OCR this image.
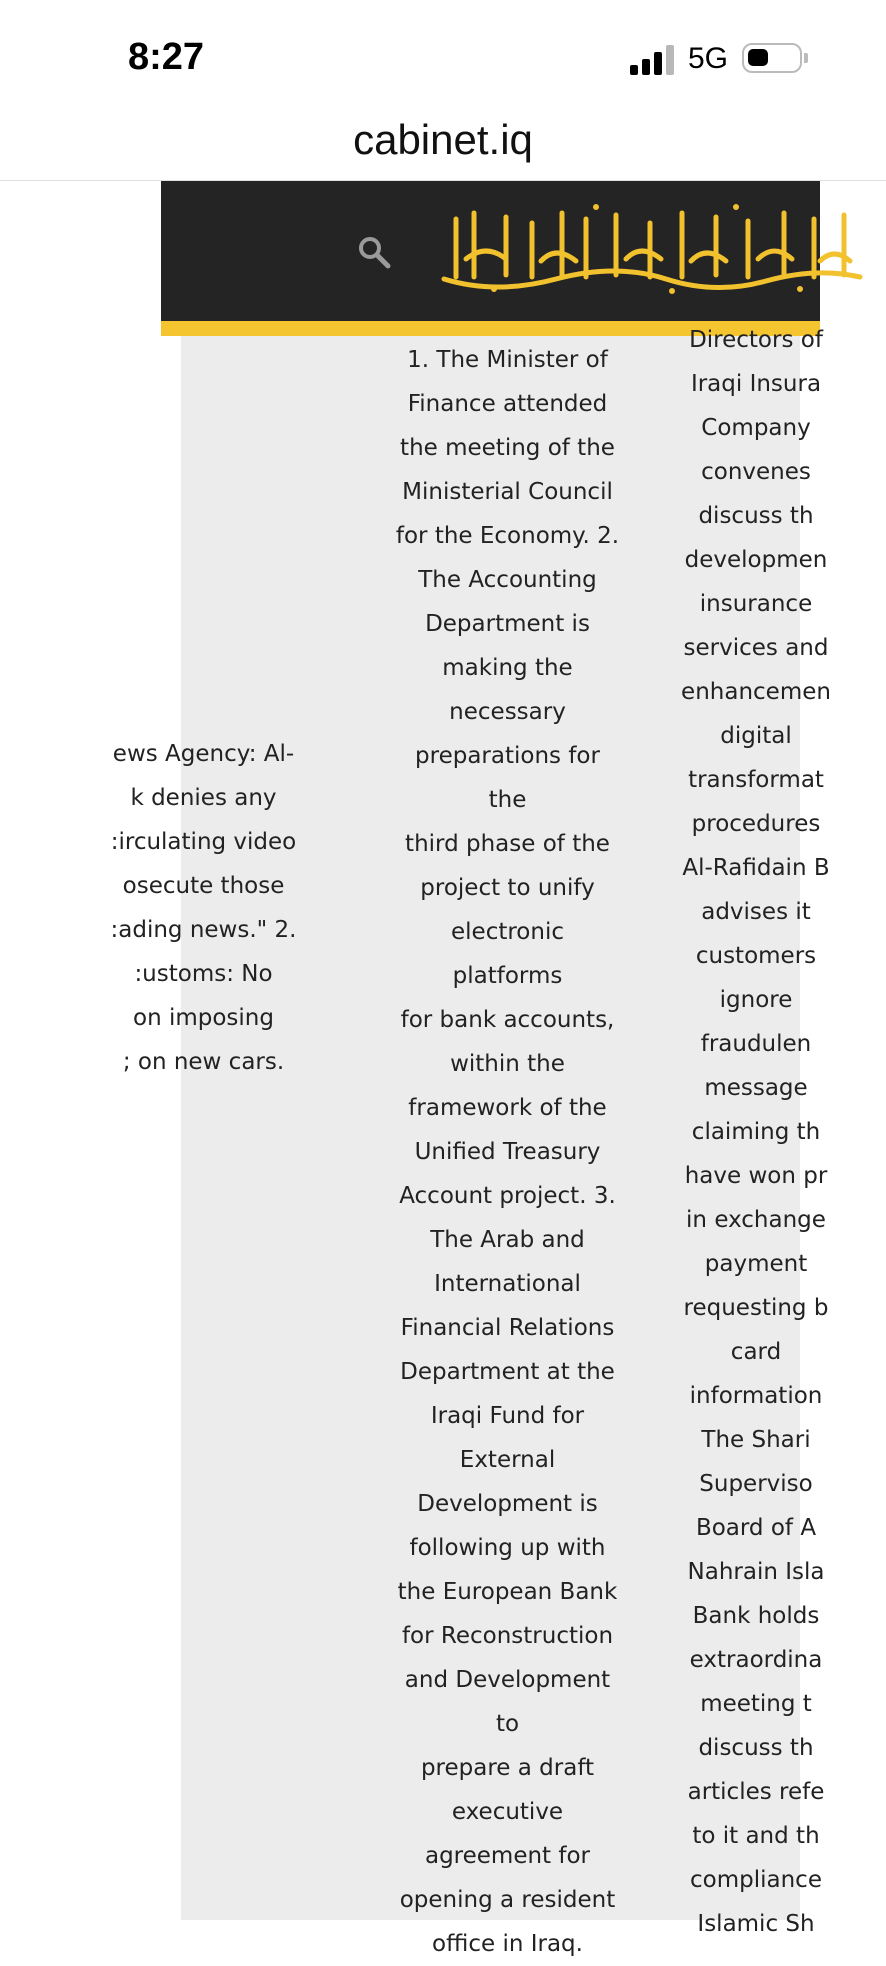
8:27	5G
cabinet.iq
ews Agency: Al-
k denies any
:irculating video
osecute those
:ading news." 2.
:ustoms: No
on imposing
; on new cars.
1. The Minister of
Finance attended
the meeting of the
Ministerial Council
for the Economy. 2.
The Accounting
Department is
making the
necessary
preparations for the
third phase of the
project to unify
electronic platforms
for bank accounts,
within the
framework of the
Unified Treasury
Account project. 3.
The Arab and
International
Financial Relations
Department at the
Iraqi Fund for
External
Development is
following up with
the European Bank
for Reconstruction
and Development to
prepare a draft
executive
agreement for
opening a resident
office in Iraq.
Directors of
Iraqi Insura
Company
convenes
discuss th
developmen
insurance
services and
enhancemen
digital
transformat
procedures
Al-Rafidain B
advises it
customers
ignore
fraudulen
message
claiming th
have won pr
in exchange
payment
requesting b
card
information
The Shari
Superviso
Board of A
Nahrain Isla
Bank holds
extraordina
meeting t
discuss th
articles refe
to it and th
compliance
Islamic Sh
